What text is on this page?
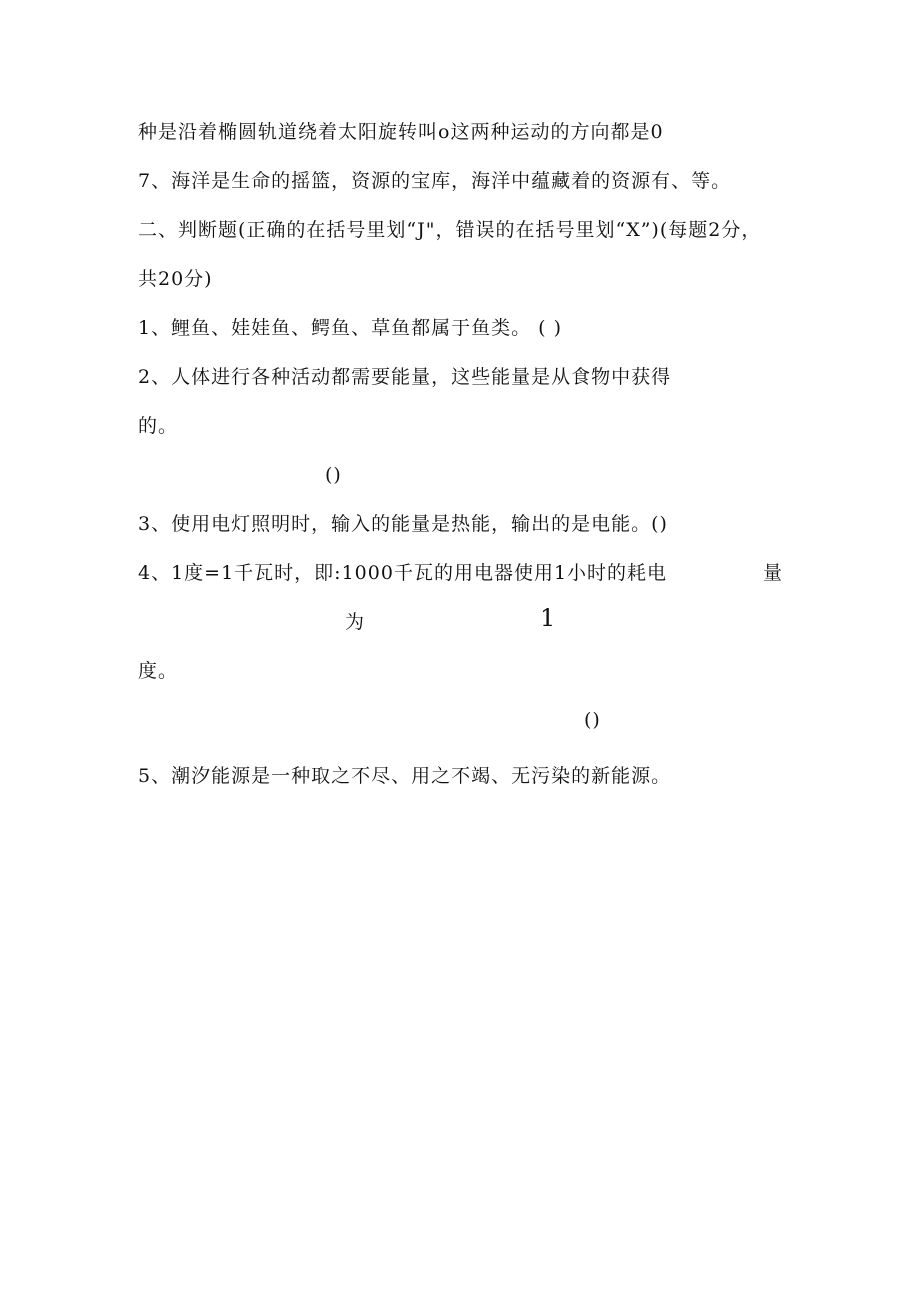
种是沿着椭圆轨道绕着太阳旋转叫o这两种运动的方向都是0
7、海洋是生命的摇篮，资源的宝库，海洋中蕴藏着的资源有、等。
二、判断题(正确的在括号里划“J"，错误的在括号里划“X”)(每题2分，
共20分)
1、鲤鱼、娃娃鱼、鳄鱼、草鱼都属于鱼类。 ( )
2、人体进行各种活动都需要能量，这些能量是从食物中获得
的。
()
3、使用电灯照明时，输入的能量是热能，输出的是电能。()
4、1度=1千瓦时，即:1000千瓦的用电器使用1小时的耗电	量
为	1
度。
()
5、潮汐能源是一种取之不尽、用之不竭、无污染的新能源。
